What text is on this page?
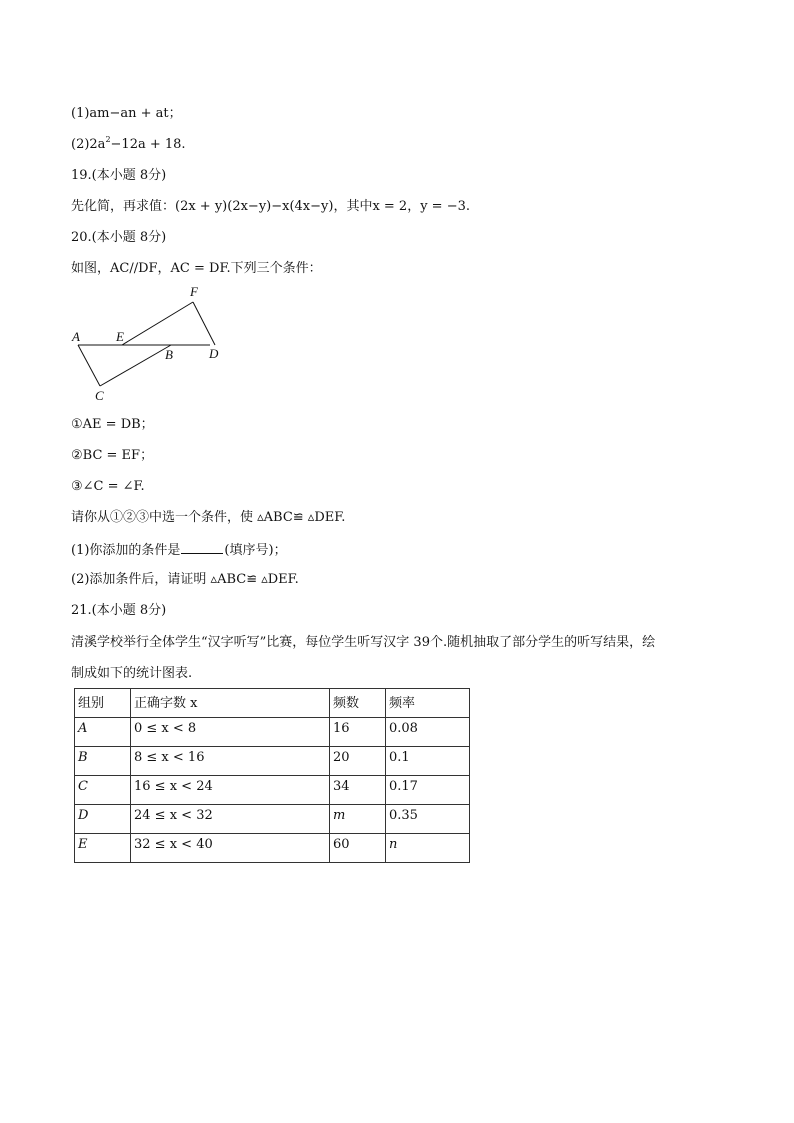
(1)am−an + at；
$(2)2a^2-12a + 18$.
19.(本小题 8分)
先化简，再求值：(2x + y)(2x−y)−x(4x−y)，其中x = 2，y = −3.
20.(本小题 8分)
如图，AC//DF，AC = DF.下列三个条件：
A	E
B	D
F
C
①AE = DB；
②BC = EF；
③∠C = ∠F.
请你从①②③中选一个条件，使 ▵ABC≌ ▵DEF.
(1)你添加的条件是	(填序号)；
(2)添加条件后，请证明 ▵ABC≌ ▵DEF.
21.(本小题 8分)
清溪学校举行全体学生“汉字听写”比赛，每位学生听写汉字 39个.随机抽取了部分学生的听写结果，绘
制成如下的统计图表.
组别	正确字数 x	频数	频率
A	0 ≤ x < 8	16	0.08
B	8 ≤ x < 16	20	0.1
C	16 ≤ x < 24	34	0.17
D	24 ≤ x < 32	m	0.35
E	32 ≤ x < 40	60	n
